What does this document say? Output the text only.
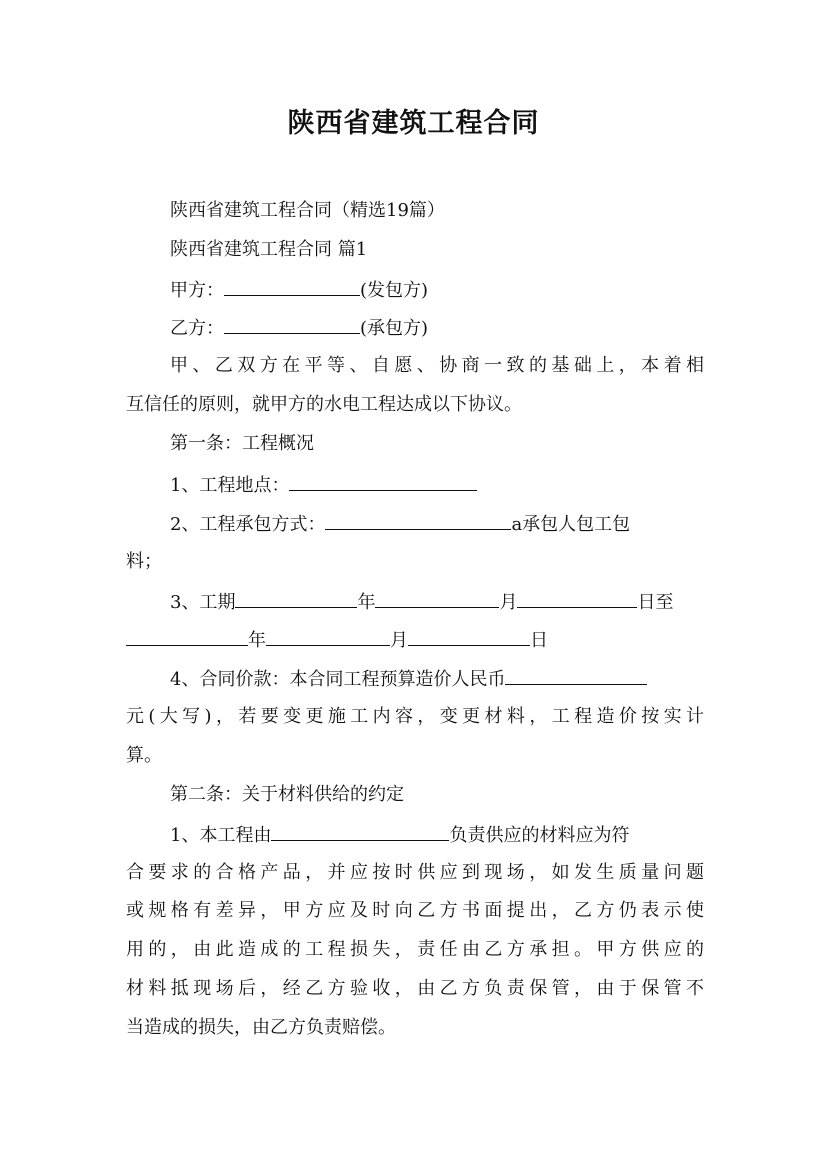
陕西省建筑工程合同

陕西省建筑工程合同（精选19篇）

陕西省建筑工程合同 篇1

甲方：	(发包方)

乙方：	(承包方)

甲、乙双方在平等、自愿、协商一致的基础上，本着相

互信任的原则，就甲方的水电工程达成以下协议。

第一条：工程概况

1、工程地点：

2、工程承包方式：	a承包人包工包

料；

3、工期	年	月	日至

年	月	日

4、合同价款：本合同工程预算造价人民币

元(大写)，若要变更施工内容，变更材料，工程造价按实计

算。

第二条：关于材料供给的约定

1、本工程由	负责供应的材料应为符

合要求的合格产品，并应按时供应到现场，如发生质量问题

或规格有差异，甲方应及时向乙方书面提出，乙方仍表示使

用的，由此造成的工程损失，责任由乙方承担。甲方供应的

材料抵现场后，经乙方验收，由乙方负责保管，由于保管不

当造成的损失，由乙方负责赔偿。
